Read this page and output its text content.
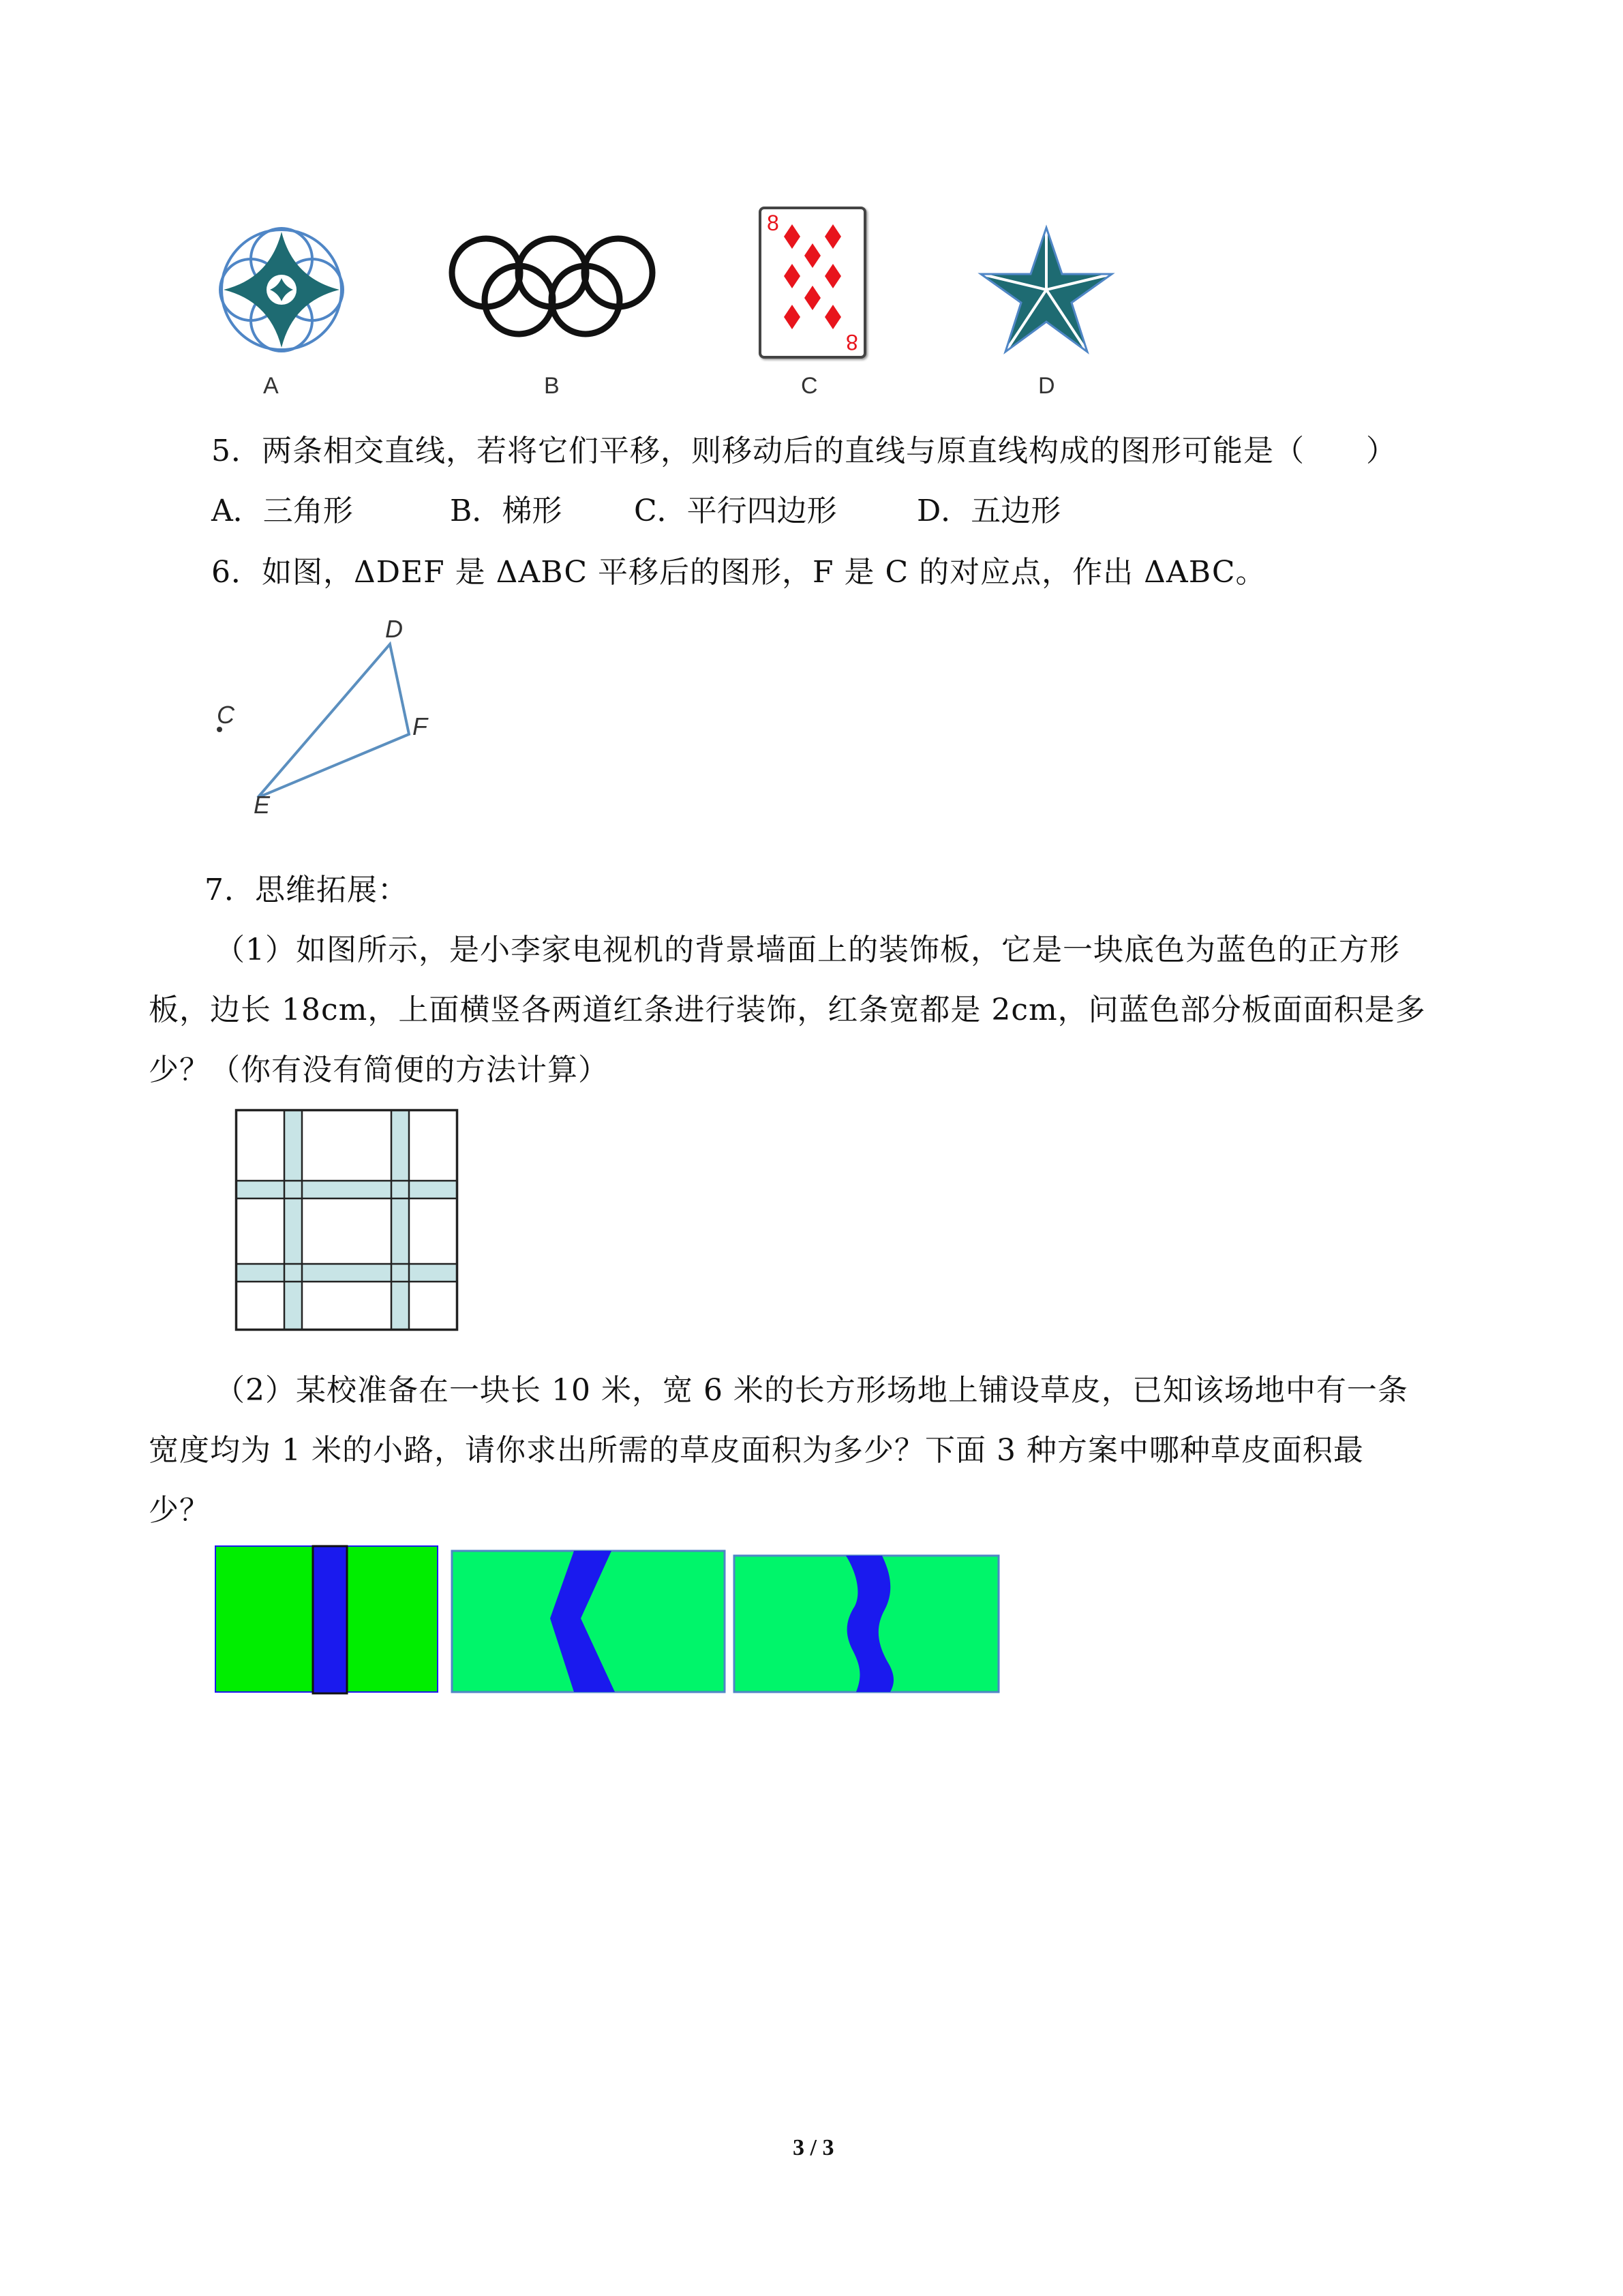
A	B
8
8
C	D
5．两条相交直线，若将它们平移，则移动后的直线与原直线构成的图形可能是（　　）
A．三角形	B．梯形 C．平行四边形	D．五边形
6．如图，ΔDEF 是 ΔABC 平移后的图形，F 是 C 的对应点，作出 ΔABC。
D
F
E
C
7．思维拓展：
（1）如图所示，是小李家电视机的背景墙面上的装饰板，它是一块底色为蓝色的正方形
板，边长 18cm，上面横竖各两道红条进行装饰，红条宽都是 2cm，问蓝色部分板面面积是多
少？（你有没有简便的方法计算）
（2）某校准备在一块长 10 米，宽 6 米的长方形场地上铺设草皮，已知该场地中有一条
宽度均为 1 米的小路，请你求出所需的草皮面积为多少？下面 3 种方案中哪种草皮面积最
少？
3 / 3
